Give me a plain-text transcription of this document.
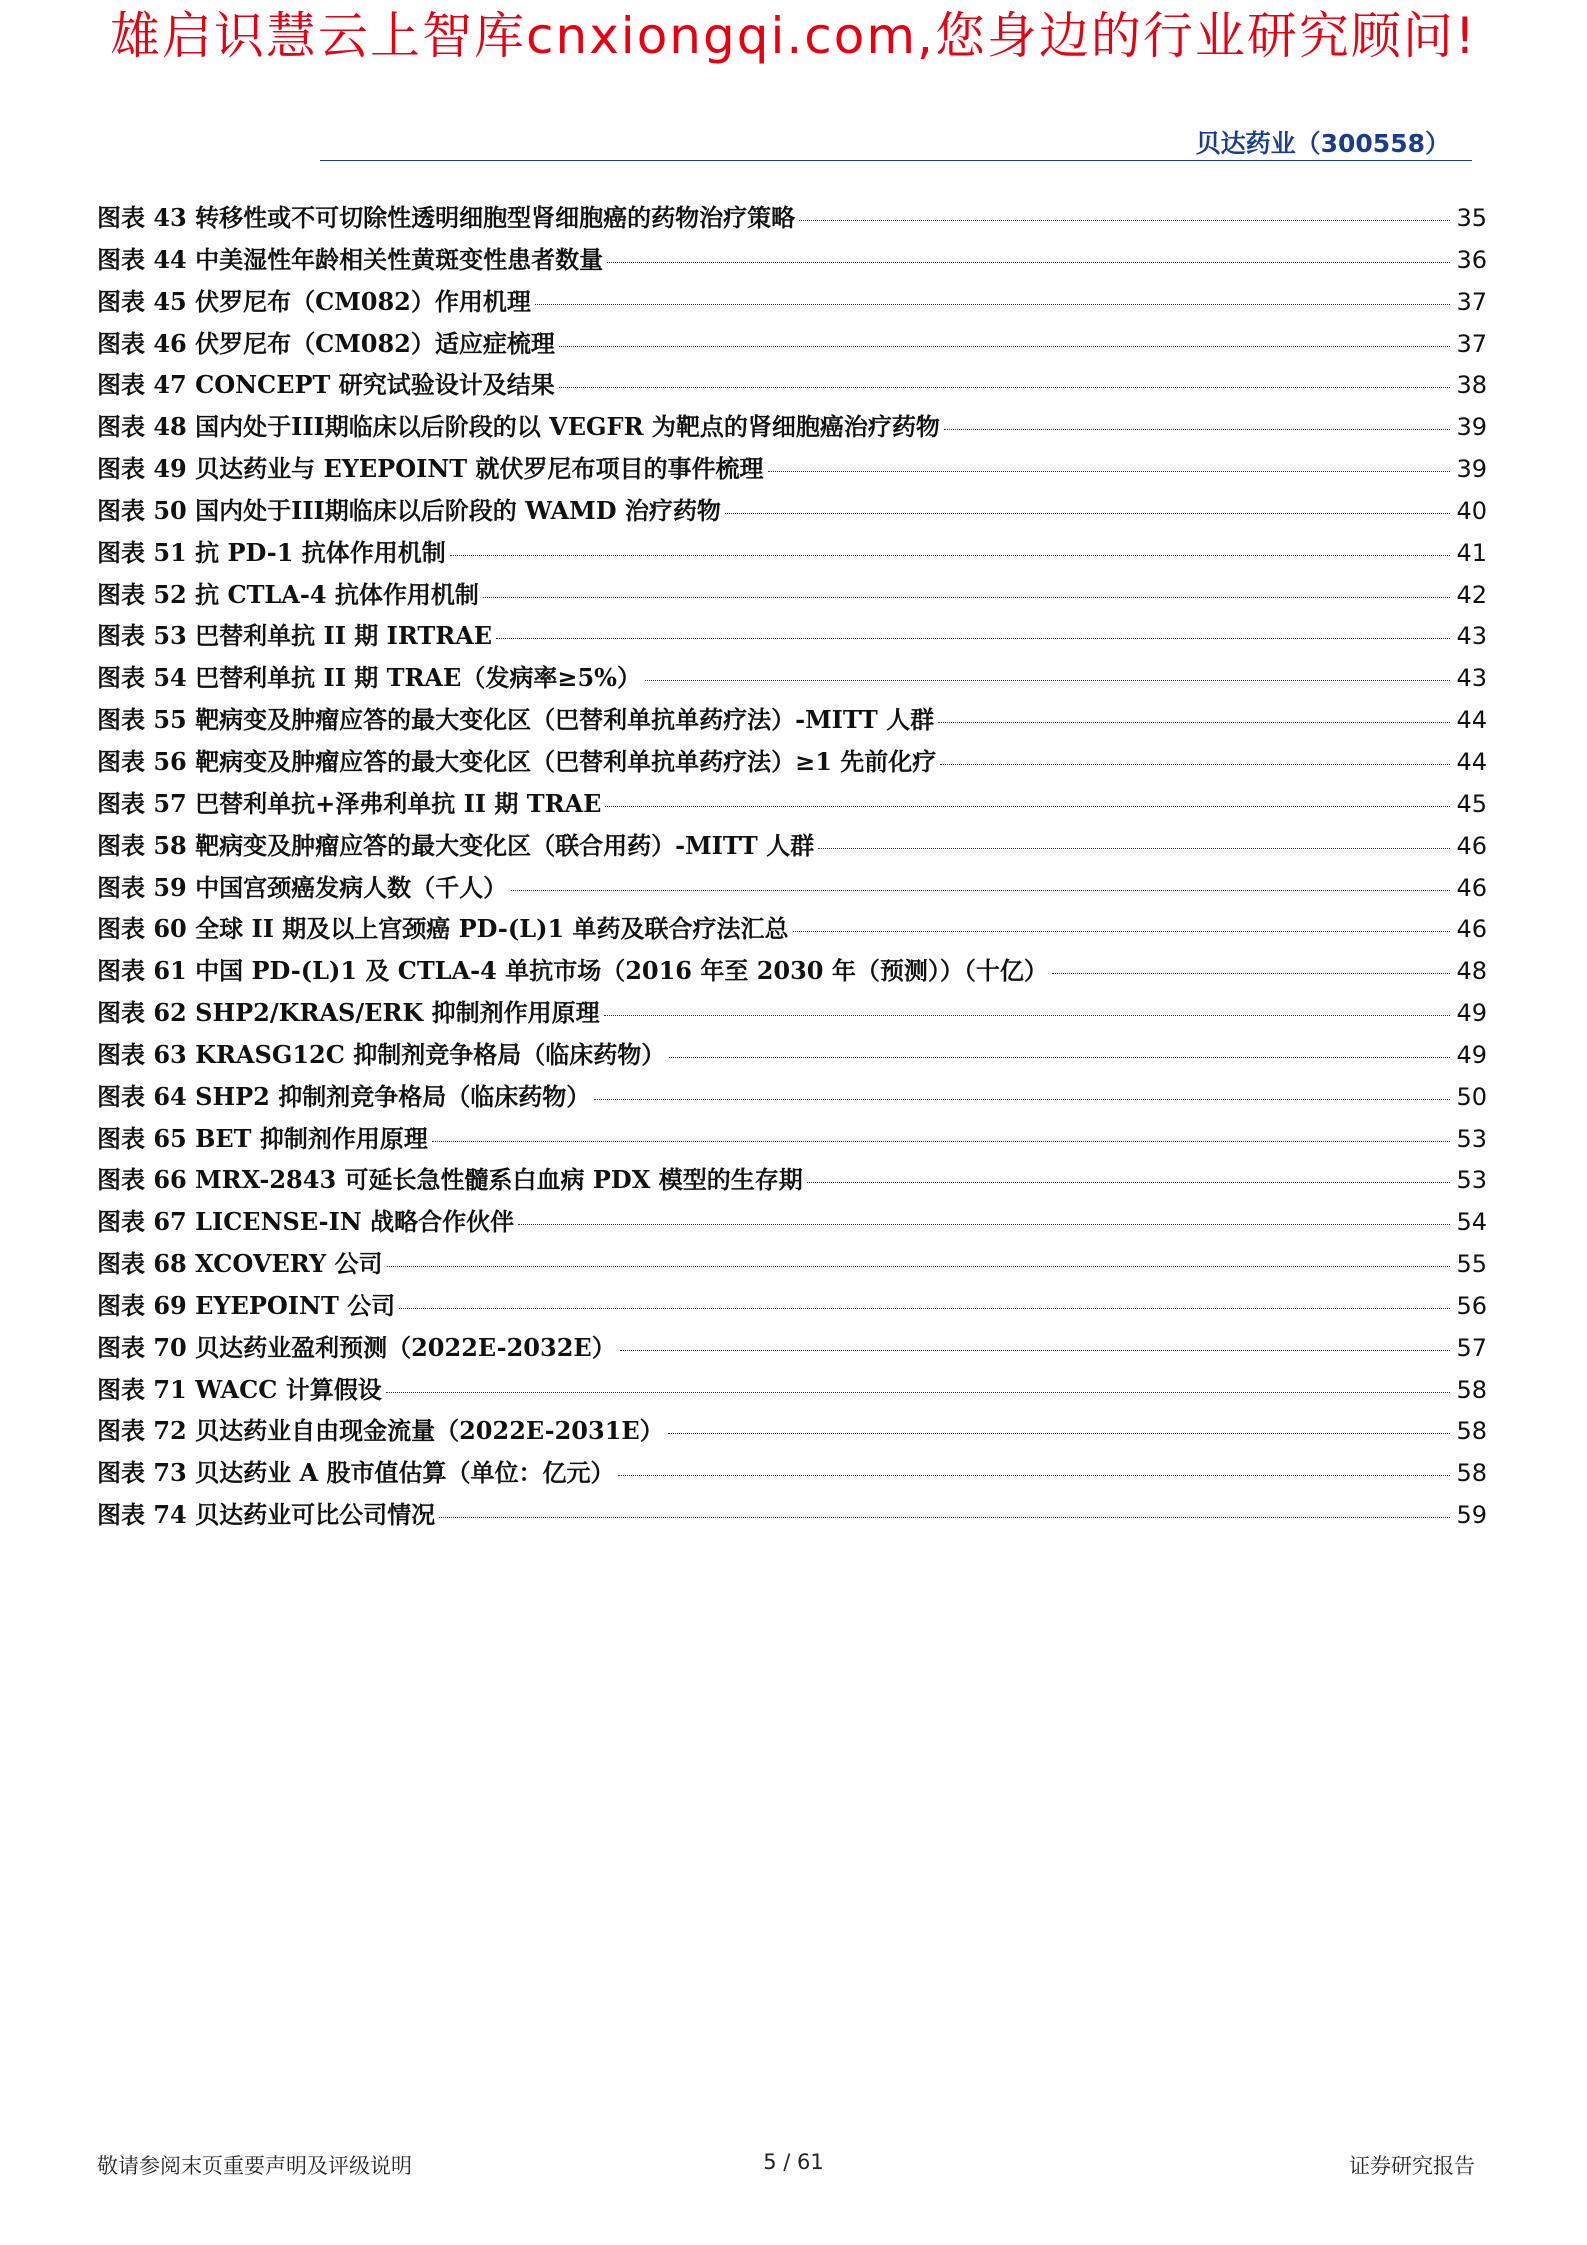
雄启识慧云上智库cnxiongqi.com,您身边的行业研究顾问!
贝达药业（300558）
图表 43 转移性或不可切除性透明细胞型肾细胞癌的药物治疗策略	35
图表 44 中美湿性年龄相关性黄斑变性患者数量	36
图表 45 伏罗尼布（CM082）作用机理	37
图表 46 伏罗尼布（CM082）适应症梳理	37
图表 47 CONCEPT 研究试验设计及结果	38
图表 48 国内处于III期临床以后阶段的以 VEGFR 为靶点的肾细胞癌治疗药物	39
图表 49 贝达药业与 EYEPOINT 就伏罗尼布项目的事件梳理	39
图表 50 国内处于III期临床以后阶段的 WAMD 治疗药物	40
图表 51 抗 PD-1 抗体作用机制	41
图表 52 抗 CTLA-4 抗体作用机制	42
图表 53 巴替利单抗 II 期 IRTRAE	43
图表 54 巴替利单抗 II 期 TRAE（发病率≥5%）	43
图表 55 靶病变及肿瘤应答的最大变化区（巴替利单抗单药疗法）-MITT 人群	44
图表 56 靶病变及肿瘤应答的最大变化区（巴替利单抗单药疗法）≥1 先前化疗	44
图表 57 巴替利单抗+泽弗利单抗 II 期 TRAE	45
图表 58 靶病变及肿瘤应答的最大变化区（联合用药）-MITT 人群	46
图表 59 中国宫颈癌发病人数（千人）	46
图表 60 全球 II 期及以上宫颈癌 PD-(L)1 单药及联合疗法汇总	46
图表 61 中国 PD-(L)1 及 CTLA-4 单抗市场（2016 年至 2030 年（预测））（十亿）	48
图表 62 SHP2/KRAS/ERK 抑制剂作用原理	49
图表 63 KRASG12C 抑制剂竞争格局（临床药物）	49
图表 64 SHP2 抑制剂竞争格局（临床药物）	50
图表 65 BET 抑制剂作用原理	53
图表 66 MRX-2843 可延长急性髓系白血病 PDX 模型的生存期	53
图表 67 LICENSE-IN 战略合作伙伴	54
图表 68 XCOVERY 公司	55
图表 69 EYEPOINT 公司	56
图表 70 贝达药业盈利预测（2022E-2032E）	57
图表 71 WACC 计算假设	58
图表 72 贝达药业自由现金流量（2022E-2031E）	58
图表 73 贝达药业 A 股市值估算（单位：亿元）	58
图表 74 贝达药业可比公司情况	59
敬请参阅末页重要声明及评级说明	5 / 61	证券研究报告
